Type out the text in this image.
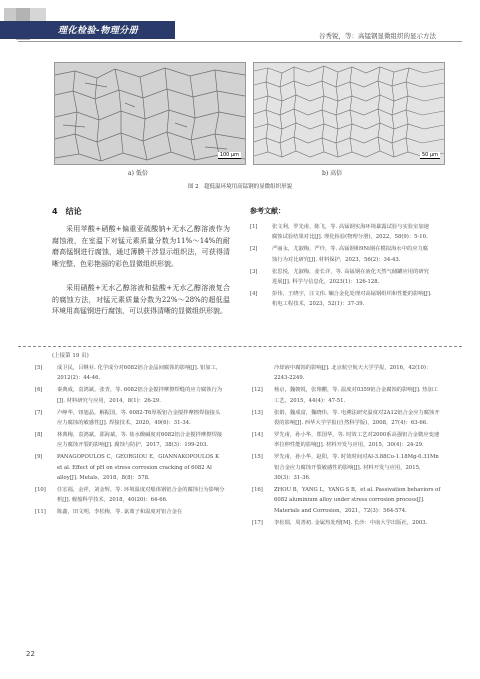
理化检验-物理分册	谷秀锐，等：高锰钢显微组织的显示方法
100 μm	50 μm
a) 低倍	b) 高倍
图 2　超低温环境用高锰钢的显微组织形貌
4　结论

采用苹酸+硝酸+偏重亚硫酸钠+无水乙醇溶液作为腐蚀液，在室温下对锰元素质量分数为11%～14%的耐磨高锰钢进行腐蚀，通过薄膜干涉显示组织法，可获得清晰完整、色彩艳丽的彩色显微组织形貌。

采用硝酸+无水乙醇溶液和盐酸+无水乙醇溶液复合的腐蚀方法，对锰元素质量分数为22%～28%的超低温环境用高锰钢进行腐蚀，可以获得清晰的显微组织形貌。

参考文献：
[1]	张文利，罗先甫，陈飞，等. 高锰钢实海环境暴露试验与实验室加速腐蚀试验结果对比[J]. 理化检验(物理分册)，2022，58(9)：5-10.
[2]	严丽永，尤淑梅，严玲，等. 高锰钢和9Ni钢在模拟海水中的应力腐蚀行为对比研究[J]. 材料保护，2023，56(2)：34-43.
[3]	张思悦，尤淑梅，姜长详，等. 高锰钢在液化天然气储罐应用的研究进展[J]. 科学与信息化，2023(1)：126-128.
[4]	彭伟，王晓宇，汪文伟. 镧合金化处理对高锰钢组织和性能的影响[J]. 机电工程技术，2023，52(1)：37-39.
(上接第 19 页)
[5]	成卫民，吕继业. 化学成分对6082铝合金晶间腐蚀的影响[J]. 铝加工，2012(2)：44-46.
[6]	秦典成，袁鸿斌，张青，等. 6082铝合金搅拌摩擦焊缝的应力腐蚀行为[J]. 材料研究与应用，2014，8(1)：26-29.
[7]	卢峥华，钮旭晶，解振国，等. 6082-T6厚板铝合金搅拌摩擦焊接接头应力腐蚀的敏感性[J]. 焊接技术，2020，49(6)：31-34.
[8]	林典梅，袁鸿斌，邵海斌，等. 盐水酸碱度对6082铝合金搅拌摩擦焊接应力腐蚀开裂的影响[J]. 腐蚀与防护，2017，38(3)：199-203.
[9]	PANAGOPOULOS C，GEORGIOU E，GIANNAKOPOULOS K et al. Effect of pH on stress corrosion cracking of 6082 Al alloy[J]. Metals，2018，8(8)：578.
[10] 任宏福，金祥，刘金辉，等. 环境温度对船体钢铝合金的腐蚀行为影响分析[J]. 舰船科学技术，2018，40(20)：64-66.
[11] 陈鑫，田文明，李松梅，等. 氯离子和温度对铝合金在
冷却液中腐蚀的影响[J]. 北京航空航天大学学报，2016，42(10)：2243-2249.
[12] 杨京，魏朝锐，张翔鹏，等. 温度对0359铝合金腐蚀的影响[J]. 热加工工艺，2015，44(4)：47-51.
[13] 张娟，魏成富，魏晓伟，等. 电溯法研究温度对2A12铝合金应力腐蚀开裂的影响[J]. 西华大学学报(自然科学版)，2008，27(4)：63-66.
[14] 罗先甫，孙小华，郑国华，等. 时效工艺对2000系高强铝合金微应变速率拉伸性能的影响[J]. 材料开发与应用，2015，30(4)：24-29.
[15] 罗先甫，孙小华，赵阳，等. 时效时间对Al-3.88Cu-1.18Mg-0.31Mn铝合金应力腐蚀开裂敏感性的影响[J]. 材料开发与应用，2015，30(3)：31-36.
[16] ZHOU B，YANG L，YANG S B，et al. Passivation behaviors of 6082 aluminium alloy under stress corrosion process[J]. Materials and Corrosion，2021，72(3)：564-574.
[17] 李松瑞，周善初. 金属热处理[M]. 长沙：中南大学出版社，2003.
22
